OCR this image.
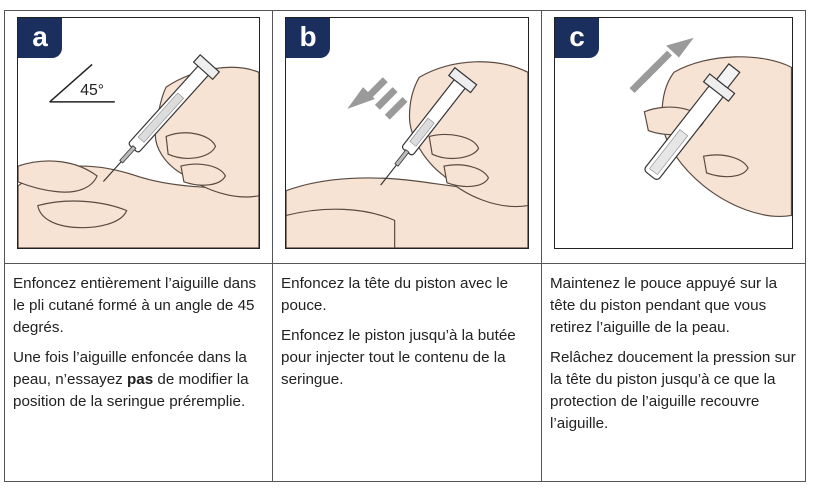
a
45°
b	c

Enfoncez entièrement l’aiguille dans le pli cutané formé à un angle de 45 degrés.

Une fois l’aiguille enfoncée dans la peau, n’essayez pas de modifier la position de la seringue préremplie.

Enfoncez la tête du piston avec le pouce.

Enfoncez le piston jusqu’à la butée pour injecter tout le contenu de la seringue.

Maintenez le pouce appuyé sur la tête du piston pendant que vous retirez l’aiguille de la peau.

Relâchez doucement la pression sur la tête du piston jusqu’à ce que la protection de l’aiguille recouvre l’aiguille.
